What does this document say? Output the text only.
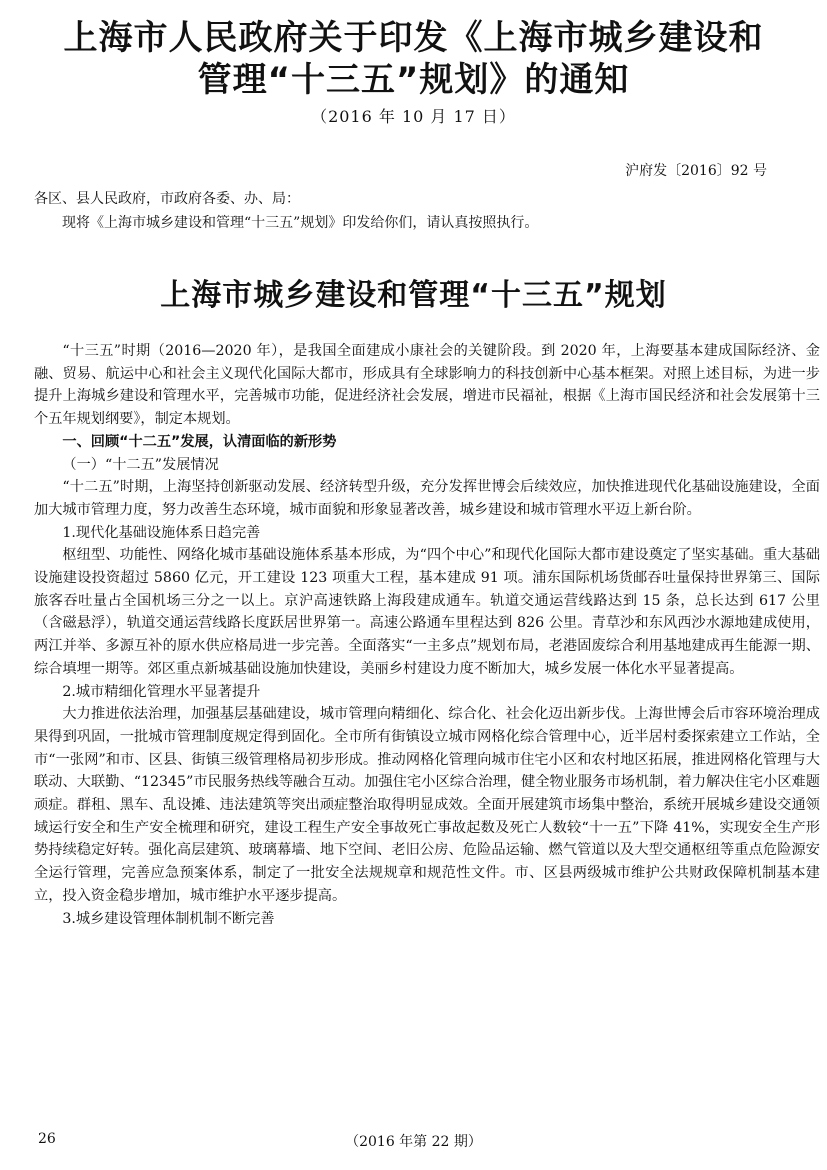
上海市人民政府关于印发《上海市城乡建设和
管理“十三五”规划》的通知
（2016 年 10 月 17 日）
沪府发〔2016〕92 号
各区、县人民政府，市政府各委、办、局：
现将《上海市城乡建设和管理“十三五”规划》印发给你们，请认真按照执行。
上海市城乡建设和管理“十三五”规划

“十三五”时期（2016—2020 年），是我国全面建成小康社会的关键阶段。到 2020 年，上海要基本建成国际经济、金融、贸易、航运中心和社会主义现代化国际大都市，形成具有全球影响力的科技创新中心基本框架。对照上述目标，为进一步提升上海城乡建设和管理水平，完善城市功能，促进经济社会发展，增进市民福祉，根据《上海市国民经济和社会发展第十三个五年规划纲要》，制定本规划。

一、回顾“十二五”发展，认清面临的新形势
（一）“十二五”发展情况

“十二五”时期，上海坚持创新驱动发展、经济转型升级，充分发挥世博会后续效应，加快推进现代化基础设施建设，全面加大城市管理力度，努力改善生态环境，城市面貌和形象显著改善，城乡建设和城市管理水平迈上新台阶。

1.现代化基础设施体系日趋完善

枢纽型、功能性、网络化城市基础设施体系基本形成，为“四个中心”和现代化国际大都市建设奠定了坚实基础。重大基础设施建设投资超过 5860 亿元，开工建设 123 项重大工程，基本建成 91 项。浦东国际机场货邮吞吐量保持世界第三、国际旅客吞吐量占全国机场三分之一以上。京沪高速铁路上海段建成通车。轨道交通运营线路达到 15 条，总长达到 617 公里（含磁悬浮），轨道交通运营线路长度跃居世界第一。高速公路通车里程达到 826 公里。青草沙和东风西沙水源地建成使用，两江并举、多源互补的原水供应格局进一步完善。全面落实“一主多点”规划布局，老港固废综合利用基地建成再生能源一期、综合填埋一期等。郊区重点新城基础设施加快建设，美丽乡村建设力度不断加大，城乡发展一体化水平显著提高。

2.城市精细化管理水平显著提升

大力推进依法治理，加强基层基础建设，城市管理向精细化、综合化、社会化迈出新步伐。上海世博会后市容环境治理成果得到巩固，一批城市管理制度规定得到固化。全市所有街镇设立城市网格化综合管理中心，近半居村委探索建立工作站，全市“一张网”和市、区县、街镇三级管理格局初步形成。推动网格化管理向城市住宅小区和农村地区拓展，推进网格化管理与大联动、大联勤、“12345”市民服务热线等融合互动。加强住宅小区综合治理，健全物业服务市场机制，着力解决住宅小区难题顽症。群租、黑车、乱设摊、违法建筑等突出顽症整治取得明显成效。全面开展建筑市场集中整治，系统开展城乡建设交通领域运行安全和生产安全梳理和研究，建设工程生产安全事故死亡事故起数及死亡人数较“十一五”下降 41%，实现安全生产形势持续稳定好转。强化高层建筑、玻璃幕墙、地下空间、老旧公房、危险品运输、燃气管道以及大型交通枢纽等重点危险源安全运行管理，完善应急预案体系，制定了一批安全法规规章和规范性文件。市、区县两级城市维护公共财政保障机制基本建立，投入资金稳步增加，城市维护水平逐步提高。

3.城乡建设管理体制机制不断完善
26	（2016 年第 22 期）
